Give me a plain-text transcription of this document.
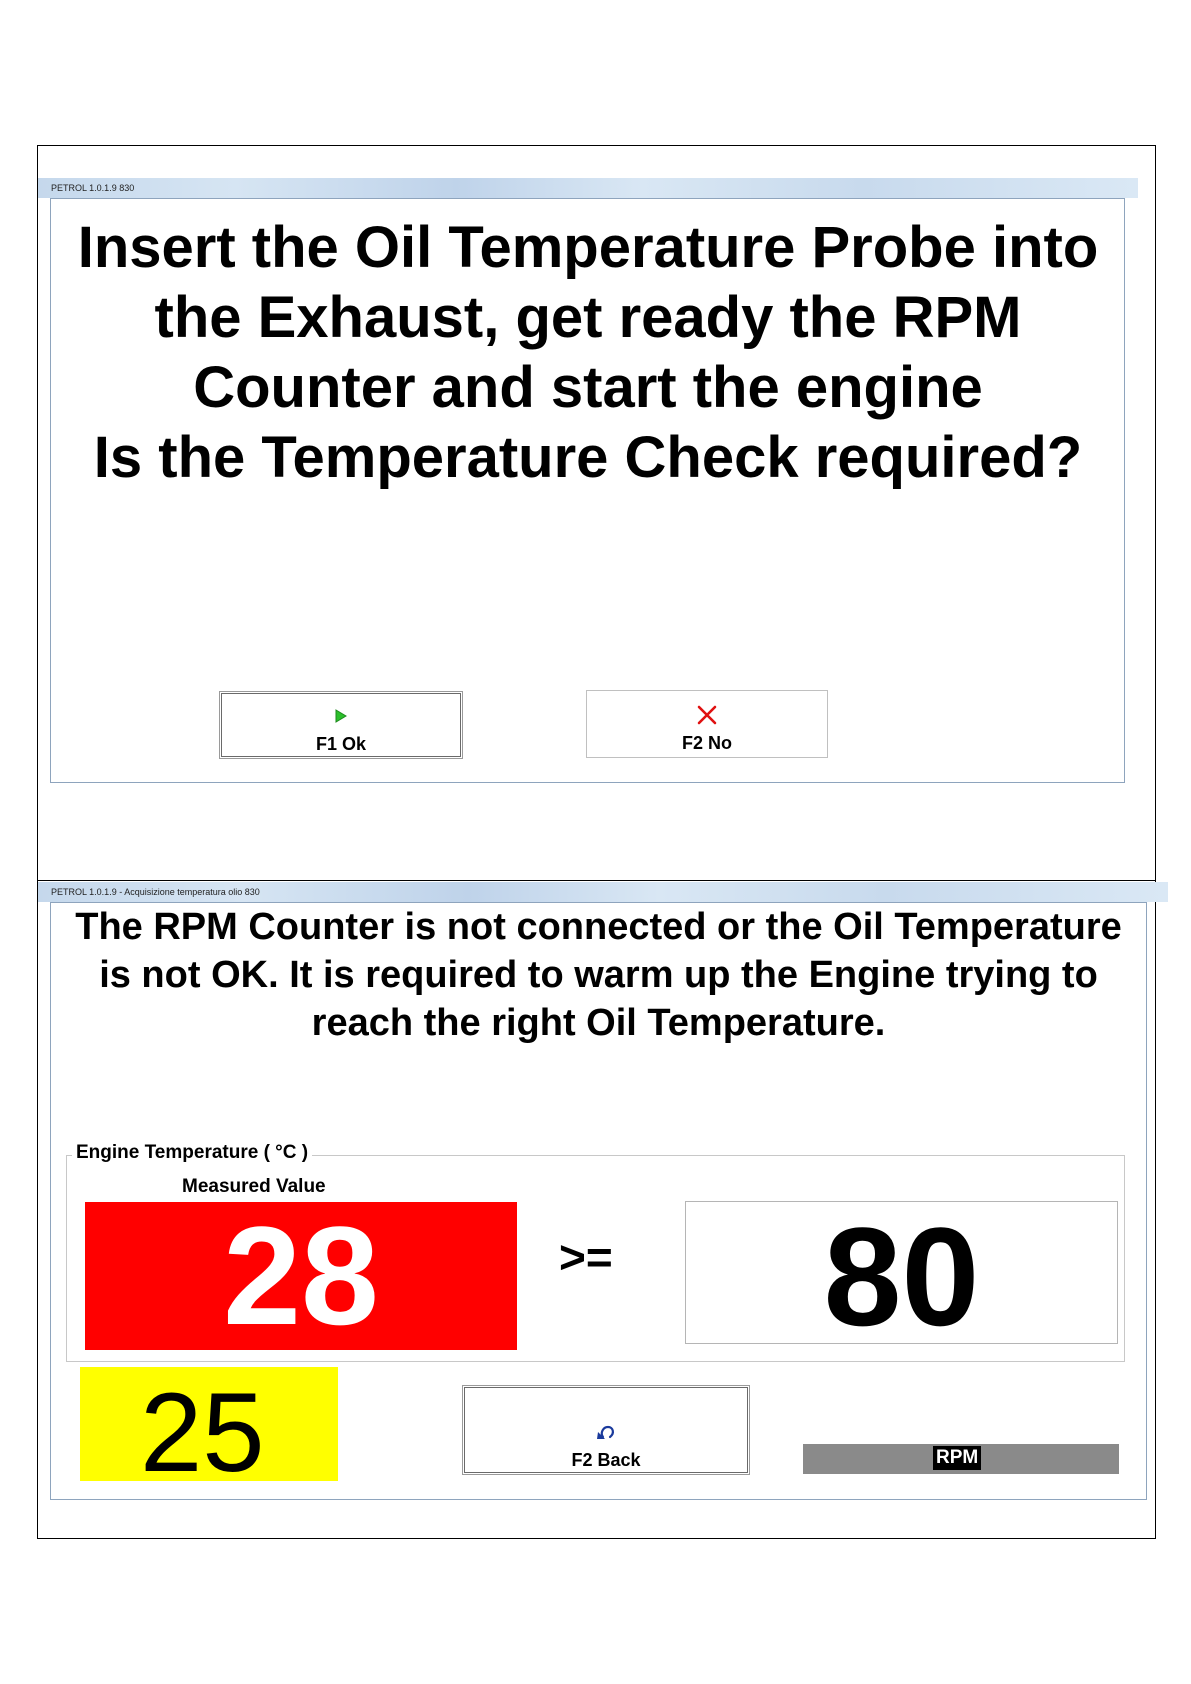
PETROL 1.0.1.9 830
Insert the Oil Temperature Probe into the Exhaust, get ready the RPM Counter and start the engine
Is the Temperature Check required?
F1 Ok	F2 No
PETROL 1.0.1.9 - Acquisizione temperatura olio 830
The RPM Counter is not connected or the Oil Temperature is not OK. It is required to warm up the Engine trying to reach the right Oil Temperature.
Engine Temperature ( °C )
Measured Value
28	>=	80
25	F2 Back	RPM
